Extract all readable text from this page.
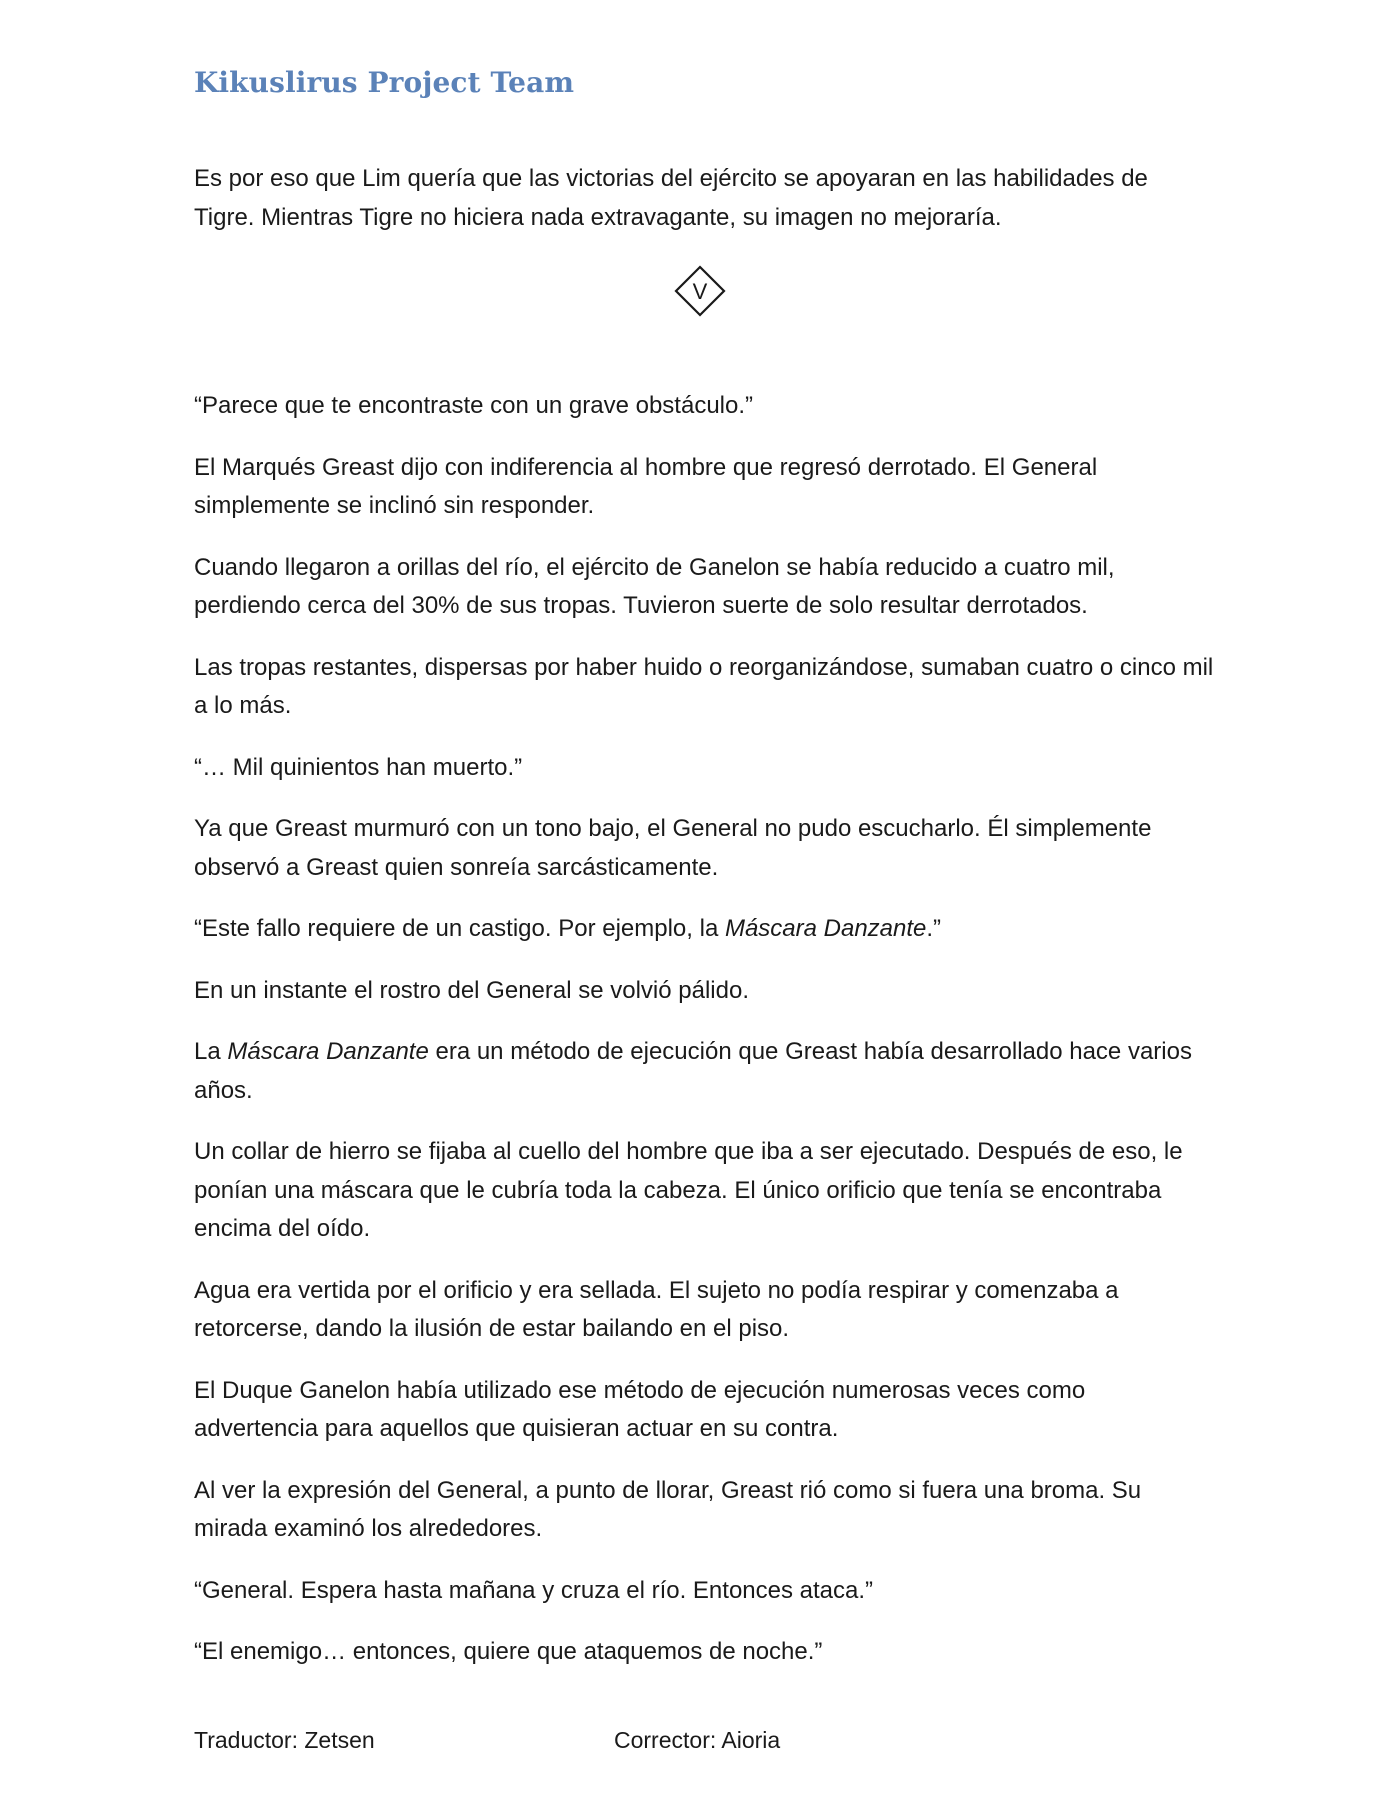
Kikuslirus Project Team

Es por eso que Lim quería que las victorias del ejército se apoyaran en las habilidades de Tigre. Mientras Tigre no hiciera nada extravagante, su imagen no mejoraría.

V

“Parece que te encontraste con un grave obstáculo.”

El Marqués Greast dijo con indiferencia al hombre que regresó derrotado. El General simplemente se inclinó sin responder.

Cuando llegaron a orillas del río, el ejército de Ganelon se había reducido a cuatro mil, perdiendo cerca del 30% de sus tropas. Tuvieron suerte de solo resultar derrotados.

Las tropas restantes, dispersas por haber huido o reorganizándose, sumaban cuatro o cinco mil a lo más.

“… Mil quinientos han muerto.”

Ya que Greast murmuró con un tono bajo, el General no pudo escucharlo. Él simplemente observó a Greast quien sonreía sarcásticamente.

“Este fallo requiere de un castigo. Por ejemplo, la Máscara Danzante.”

En un instante el rostro del General se volvió pálido.

La Máscara Danzante era un método de ejecución que Greast había desarrollado hace varios años.

Un collar de hierro se fijaba al cuello del hombre que iba a ser ejecutado. Después de eso, le ponían una máscara que le cubría toda la cabeza. El único orificio que tenía se encontraba encima del oído.

Agua era vertida por el orificio y era sellada. El sujeto no podía respirar y comenzaba a retorcerse, dando la ilusión de estar bailando en el piso.

El Duque Ganelon había utilizado ese método de ejecución numerosas veces como advertencia para aquellos que quisieran actuar en su contra.

Al ver la expresión del General, a punto de llorar, Greast rió como si fuera una broma. Su mirada examinó los alrededores.

“General. Espera hasta mañana y cruza el río. Entonces ataca.”

“El enemigo… entonces, quiere que ataquemos de noche.”

Traductor: Zetsen	Corrector: Aioria
